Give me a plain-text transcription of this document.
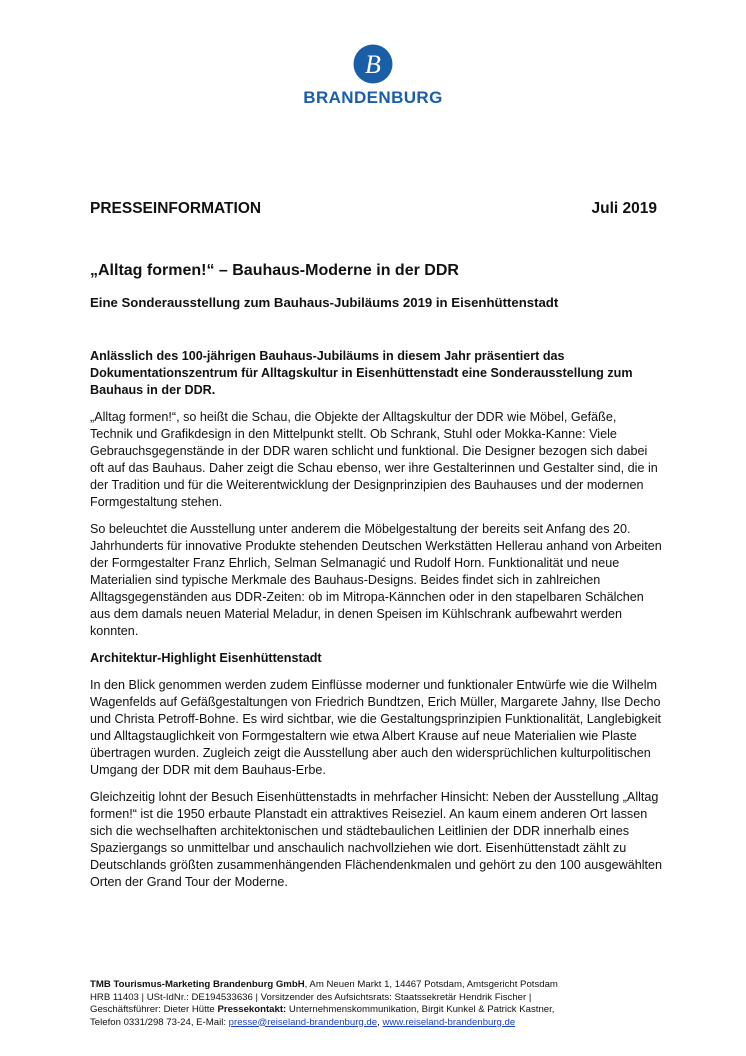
B
BRANDENBURG
PRESSEINFORMATION	Juli 2019
„Alltag formen!“ – Bauhaus-Moderne in der DDR
Eine Sonderausstellung zum Bauhaus-Jubiläums 2019 in Eisenhüttenstadt

Anlässlich des 100-jährigen Bauhaus-Jubiläums in diesem Jahr präsentiert das Dokumentationszentrum für Alltagskultur in Eisenhüttenstadt eine Sonderausstellung zum Bauhaus in der DDR.

„Alltag formen!“, so heißt die Schau, die Objekte der Alltagskultur der DDR wie Möbel, Gefäße, Technik und Grafikdesign in den Mittelpunkt stellt. Ob Schrank, Stuhl oder Mokka-Kanne: Viele Gebrauchsgegenstände in der DDR waren schlicht und funktional. Die Designer bezogen sich dabei oft auf das Bauhaus. Daher zeigt die Schau ebenso, wer ihre Gestalterinnen und Gestalter sind, die in der Tradition und für die Weiterentwicklung der Designprinzipien des Bauhauses und der modernen Formgestaltung stehen.

So beleuchtet die Ausstellung unter anderem die Möbelgestaltung der bereits seit Anfang des 20. Jahrhunderts für innovative Produkte stehenden Deutschen Werkstätten Hellerau anhand von Arbeiten der Formgestalter Franz Ehrlich, Selman Selmanagić und Rudolf Horn. Funktionalität und neue Materialien sind typische Merkmale des Bauhaus-Designs. Beides findet sich in zahlreichen Alltagsgegenständen aus DDR-Zeiten: ob im Mitropa-Kännchen oder in den stapelbaren Schälchen aus dem damals neuen Material Meladur, in denen Speisen im Kühlschrank aufbewahrt werden konnten.

Architektur-Highlight Eisenhüttenstadt

In den Blick genommen werden zudem Einflüsse moderner und funktionaler Entwürfe wie die Wilhelm Wagenfelds auf Gefäßgestaltungen von Friedrich Bundtzen, Erich Müller, Margarete Jahny, Ilse Decho und Christa Petroff-Bohne. Es wird sichtbar, wie die Gestaltungsprinzipien Funktionalität, Langlebigkeit und Alltagstauglichkeit von Formgestaltern wie etwa Albert Krause auf neue Materialien wie Plaste übertragen wurden. Zugleich zeigt die Ausstellung aber auch den widersprüchlichen kulturpolitischen Umgang der DDR mit dem Bauhaus-Erbe.

Gleichzeitig lohnt der Besuch Eisenhüttenstadts in mehrfacher Hinsicht: Neben der Ausstellung „Alltag formen!“ ist die 1950 erbaute Planstadt ein attraktives Reiseziel. An kaum einem anderen Ort lassen sich die wechselhaften architektonischen und städtebaulichen Leitlinien der DDR innerhalb eines Spaziergangs so unmittelbar und anschaulich nachvollziehen wie dort. Eisenhüttenstadt zählt zu Deutschlands größten zusammenhängenden Flächendenkmalen und gehört zu den 100 ausgewählten Orten der Grand Tour der Moderne.

TMB Tourismus-Marketing Brandenburg GmbH, Am Neuen Markt 1, 14467 Potsdam, Amtsgericht Potsdam
HRB 11403 | USt-IdNr.: DE194533636 | Vorsitzender des Aufsichtsrats: Staatssekretär Hendrik Fischer |
Geschäftsführer: Dieter Hütte Pressekontakt: Unternehmenskommunikation, Birgit Kunkel & Patrick Kastner,
Telefon 0331/298 73-24, E-Mail: presse@reiseland-brandenburg.de, www.reiseland-brandenburg.de
